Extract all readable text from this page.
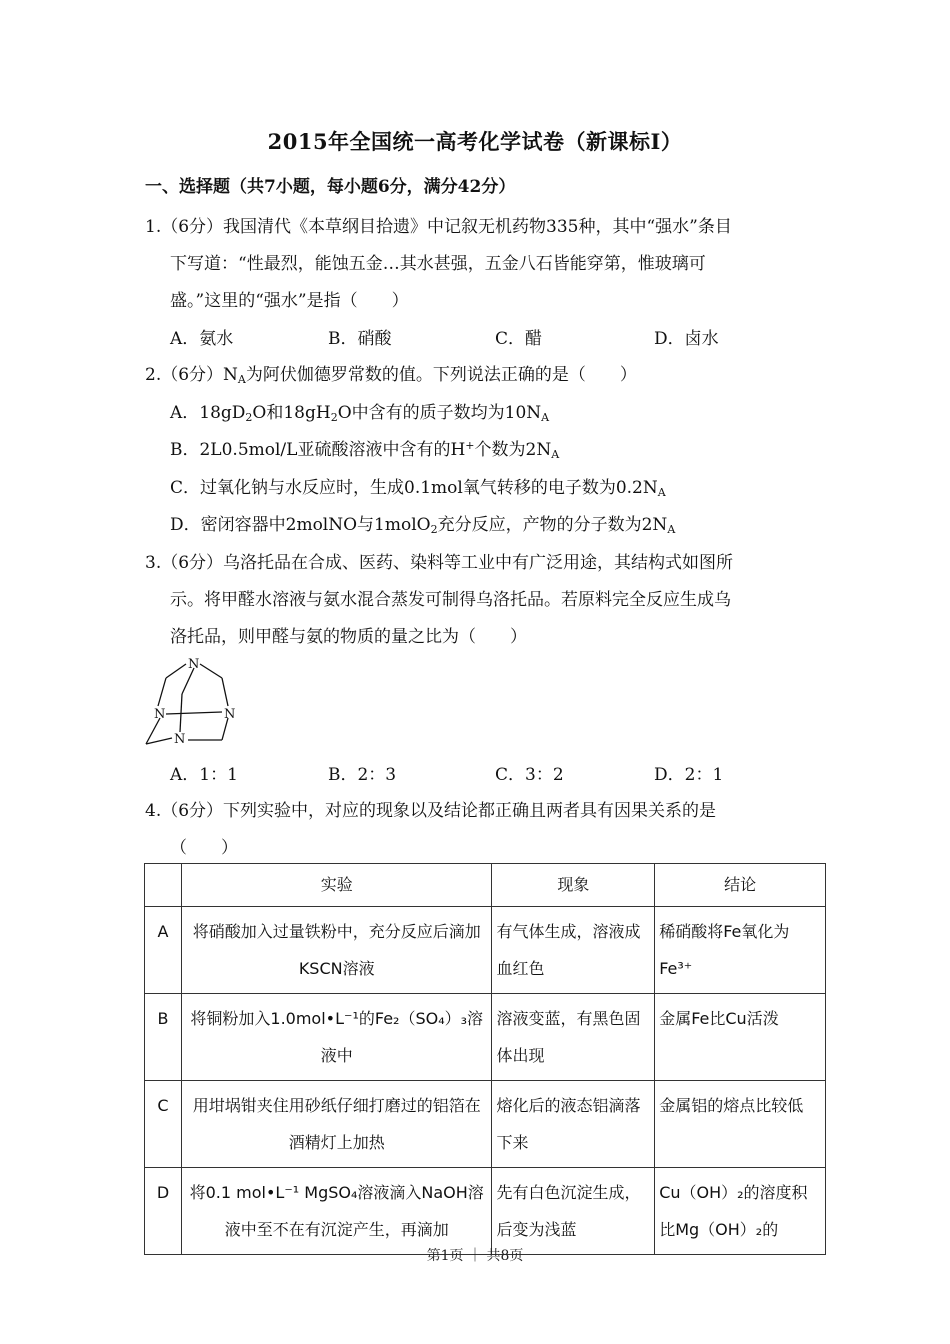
2015年全国统一高考化学试卷（新课标I）
一、选择题（共7小题，每小题6分，满分42分）
1.（6分）我国清代《本草纲目拾遗》中记叙无机药物335种，其中“强水”条目
下写道：“性最烈，能蚀五金…其水甚强，五金八石皆能穿第，惟玻璃可
盛。”这里的“强水”是指（　　）
A．氨水	B．硝酸	C．醋	D．卤水
2.（6分）$N_A$为阿伏伽德罗常数的值。下列说法正确的是（　　）
A．$18gD_2O$和$18gH_2O$中含有的质子数均为$10N_A$
B．2L0.5mol/L亚硫酸溶液中含有的H+个数为$2N_A$
C．过氧化钠与水反应时，生成0.1mol氧气转移的电子数为$0.2N_A$
D．密闭容器中2molNO与1molO$_2$充分反应，产物的分子数为$2N_A$
3.（6分）乌洛托品在合成、医药、染料等工业中有广泛用途，其结构式如图所
示。将甲醛水溶液与氨水混合蒸发可制得乌洛托品。若原料完全反应生成乌
洛托品，则甲醛与氨的物质的量之比为（　　）
N
N	N
N
A．1：1	B．2：3	C．3：2	D．2：1
4.（6分）下列实验中，对应的现象以及结论都正确且两者具有因果关系的是
（　　）
	实验	现象	结论
A	将硝酸加入过量铁粉中，充分反应后滴加KSCN溶液	有气体生成，溶液成血红色	稀硝酸将Fe氧化为Fe³⁺
B	将铜粉加入1.0mol•L⁻¹的Fe₂（SO₄）₃溶液中	溶液变蓝，有黑色固体出现	金属Fe比Cu活泼
C	用坩埚钳夹住用砂纸仔细打磨过的铝箔在酒精灯上加热	熔化后的液态铝滴落下来	金属铝的熔点比较低
D	将0.1 mol•L⁻¹ MgSO₄溶液滴入NaOH溶液中至不在有沉淀产生，再滴加	先有白色沉淀生成，后变为浅蓝	Cu（OH）₂的溶度积比Mg（OH）₂的
第1页 ｜ 共8页
